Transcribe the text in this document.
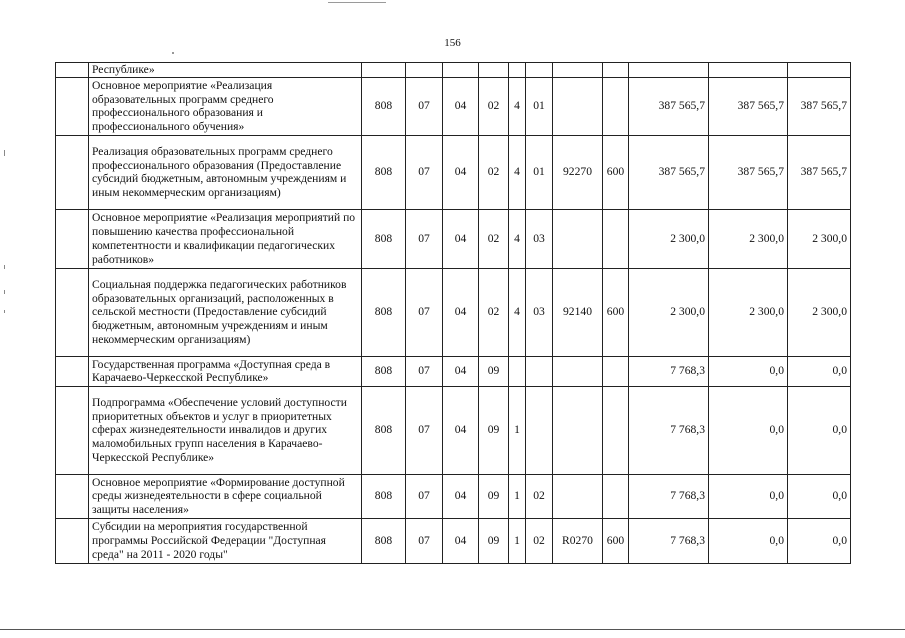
156
	Республике»											
	Основное мероприятие «Реализация образовательных программ среднего профессионального образования и профессионального обучения»	808	07	04	02	4	01			387 565,7	387 565,7	387 565,7
	Реализация образовательных программ среднего профессионального образования (Предоставление субсидий бюджетным, автономным учреждениям и иным некоммерческим организациям)	808	07	04	02	4	01	92270	600	387 565,7	387 565,7	387 565,7
	Основное мероприятие «Реализация мероприятий по повышению качества профессиональной компетентности и квалификации педагогических работников»	808	07	04	02	4	03			2 300,0	2 300,0	2 300,0
	Социальная поддержка педагогических работников образовательных организаций, расположенных в сельской местности (Предоставление субсидий бюджетным, автономным учреждениям и иным некоммерческим организациям)	808	07	04	02	4	03	92140	600	2 300,0	2 300,0	2 300,0
	Государственная программа «Доступная среда в Карачаево-Черкесской Республике»	808	07	04	09					7 768,3	0,0	0,0
	Подпрограмма «Обеспечение условий доступности приоритетных объектов и услуг в приоритетных сферах жизнедеятельности инвалидов и других маломобильных групп населения в Карачаево-Черкесской Республике»	808	07	04	09	1				7 768,3	0,0	0,0
	Основное мероприятие «Формирование доступной среды жизнедеятельности в сфере социальной защиты населения»	808	07	04	09	1	02			7 768,3	0,0	0,0
	Субсидии на мероприятия государственной программы Российской Федерации "Доступная среда" на 2011 - 2020 годы"	808	07	04	09	1	02	R0270	600	7 768,3	0,0	0,0
